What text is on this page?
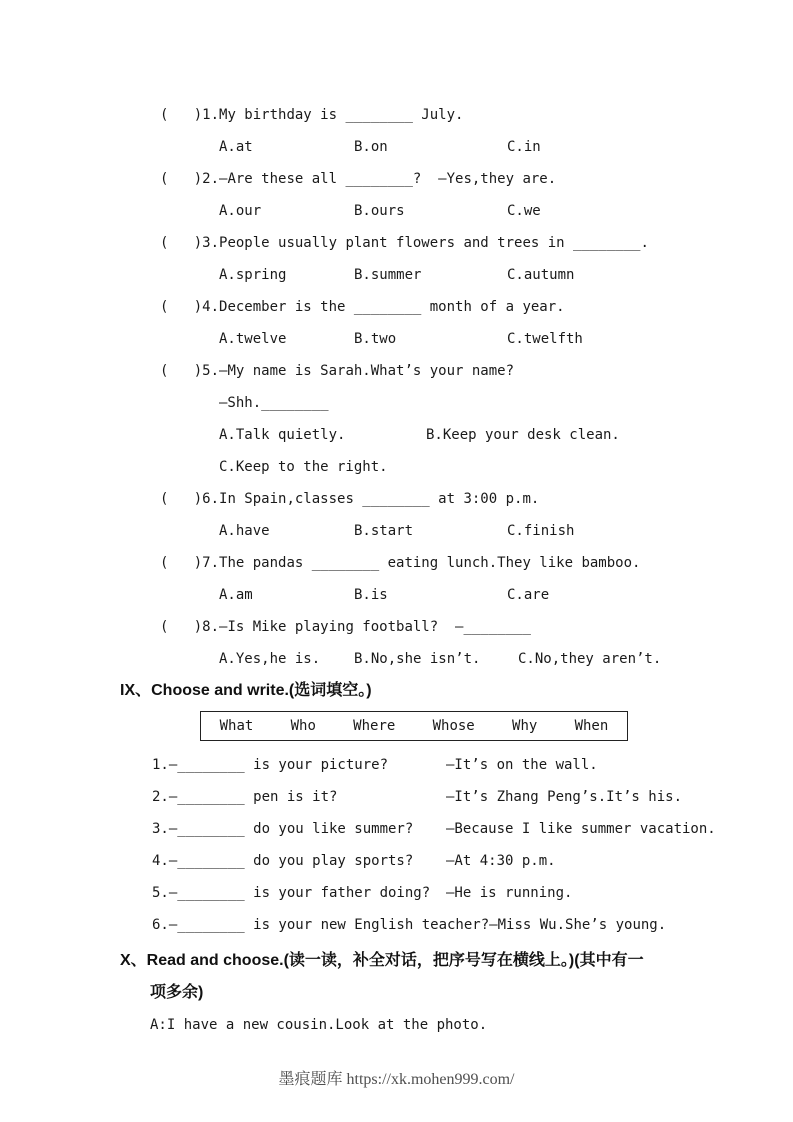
(   )1. My birthday is ________ July.
A.at	B.on	C.in
(   )2. —Are these all ________?  —Yes,they are.
A.our	B.ours	C.we
(   )3. People usually plant flowers and trees in ________.
A.spring	B.summer	C.autumn
(   )4. December is the ________ month of a year.
A.twelve	B.two	C.twelfth
(   )5. —My name is Sarah.What’s your name?
—Shh.________
A.Talk quietly.	B.Keep your desk clean.
C.Keep to the right.
(   )6. In Spain,classes ________ at 3:00 p.m.
A.have	B.start	C.finish
(   )7. The pandas ________ eating lunch.They like bamboo.
A.am	B.is	C.are
(   )8. —Is Mike playing football?  —________
A.Yes,he is.	B.No,she isn’t.	C.No,they aren’t.
IX、Choose and write.(选词填空。)
What	Who	Where	Whose	Why	When
1.—________ is your picture?	—It’s on the wall.
2.—________ pen is it?	—It’s Zhang Peng’s.It’s his.
3.—________ do you like summer?	—Because I like summer vacation.
4.—________ do you play sports?	—At 4:30 p.m.
5.—________ is your father doing?	—He is running.
6.—________ is your new English teacher? —Miss Wu.She’s young.
X、Read and choose.(读一读，补全对话，把序号写在横线上。)(其中有一
项多余)
A:I have a new cousin.Look at the photo.
墨痕题库 https://xk.mohen999.com/
